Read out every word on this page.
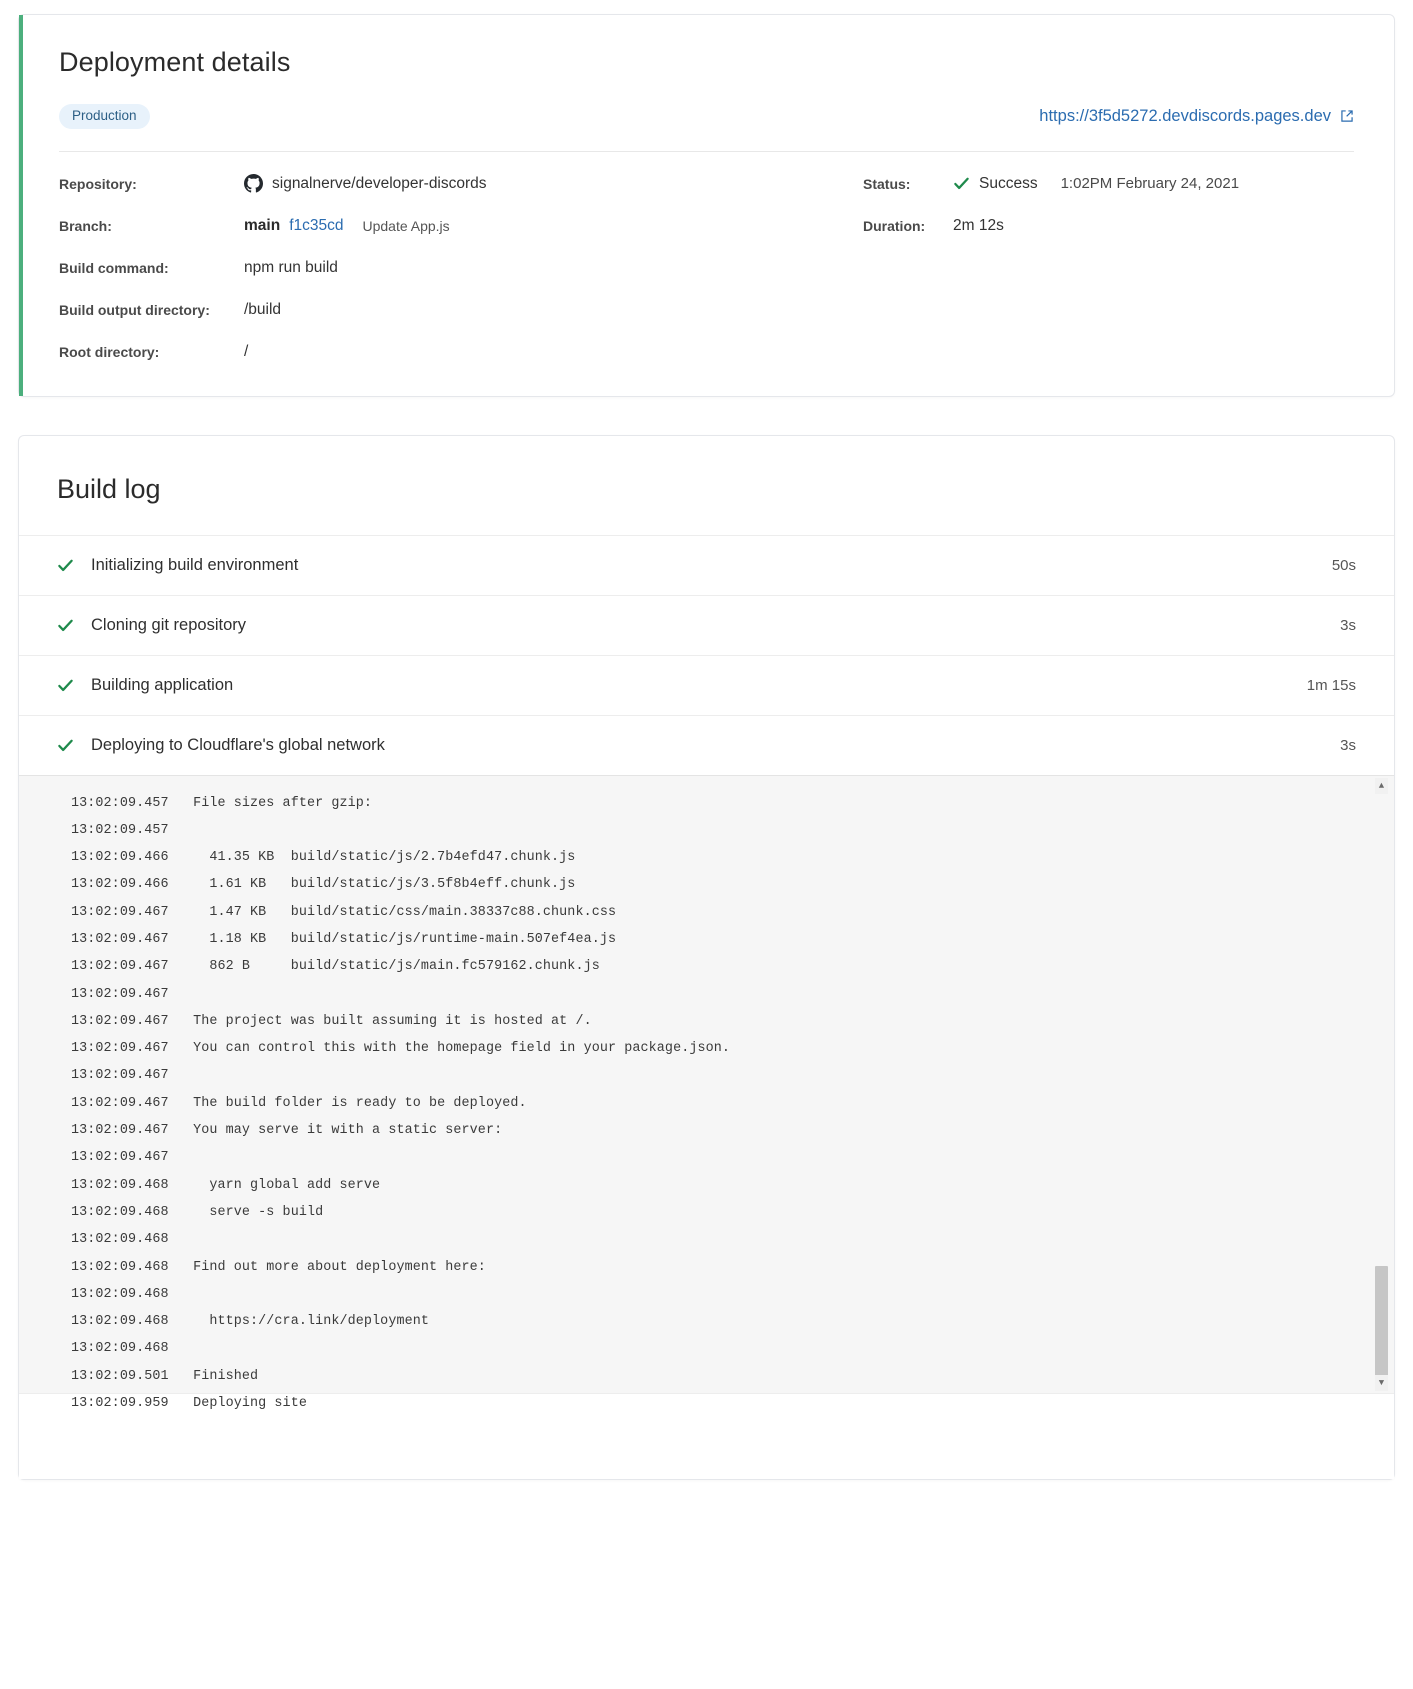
Deployment details
Production	https://3f5d5272.devdiscords.pages.dev
Repository:	signalnerve/developer-discords
Branch:	main f1c35cd Update App.js
Build command:	npm run build
Build output directory:	/build
Root directory:	/
Status:	Success 1:02PM February 24, 2021
Duration:	2m 12s
Build log
Initializing build environment	50s
Cloning git repository	3s
Building application	1m 15s
Deploying to Cloudflare's global network	3s
13:02:09.457 File sizes after gzip:
13:02:09.457
13:02:09.466     41.35 KB  build/static/js/2.7b4efd47.chunk.js
13:02:09.466     1.61 KB   build/static/js/3.5f8b4eff.chunk.js
13:02:09.467     1.47 KB   build/static/css/main.38337c88.chunk.css
13:02:09.467     1.18 KB   build/static/js/runtime-main.507ef4ea.js
13:02:09.467     862 B     build/static/js/main.fc579162.chunk.js
13:02:09.467
13:02:09.467 The project was built assuming it is hosted at /.
13:02:09.467 You can control this with the homepage field in your package.json.
13:02:09.467
13:02:09.467 The build folder is ready to be deployed.
13:02:09.467 You may serve it with a static server:
13:02:09.467
13:02:09.468     yarn global add serve
13:02:09.468     serve -s build
13:02:09.468
13:02:09.468 Find out more about deployment here:
13:02:09.468
13:02:09.468     https://cra.link/deployment
13:02:09.468
13:02:09.501 Finished
13:02:09.959 Deploying site
▲
▼
